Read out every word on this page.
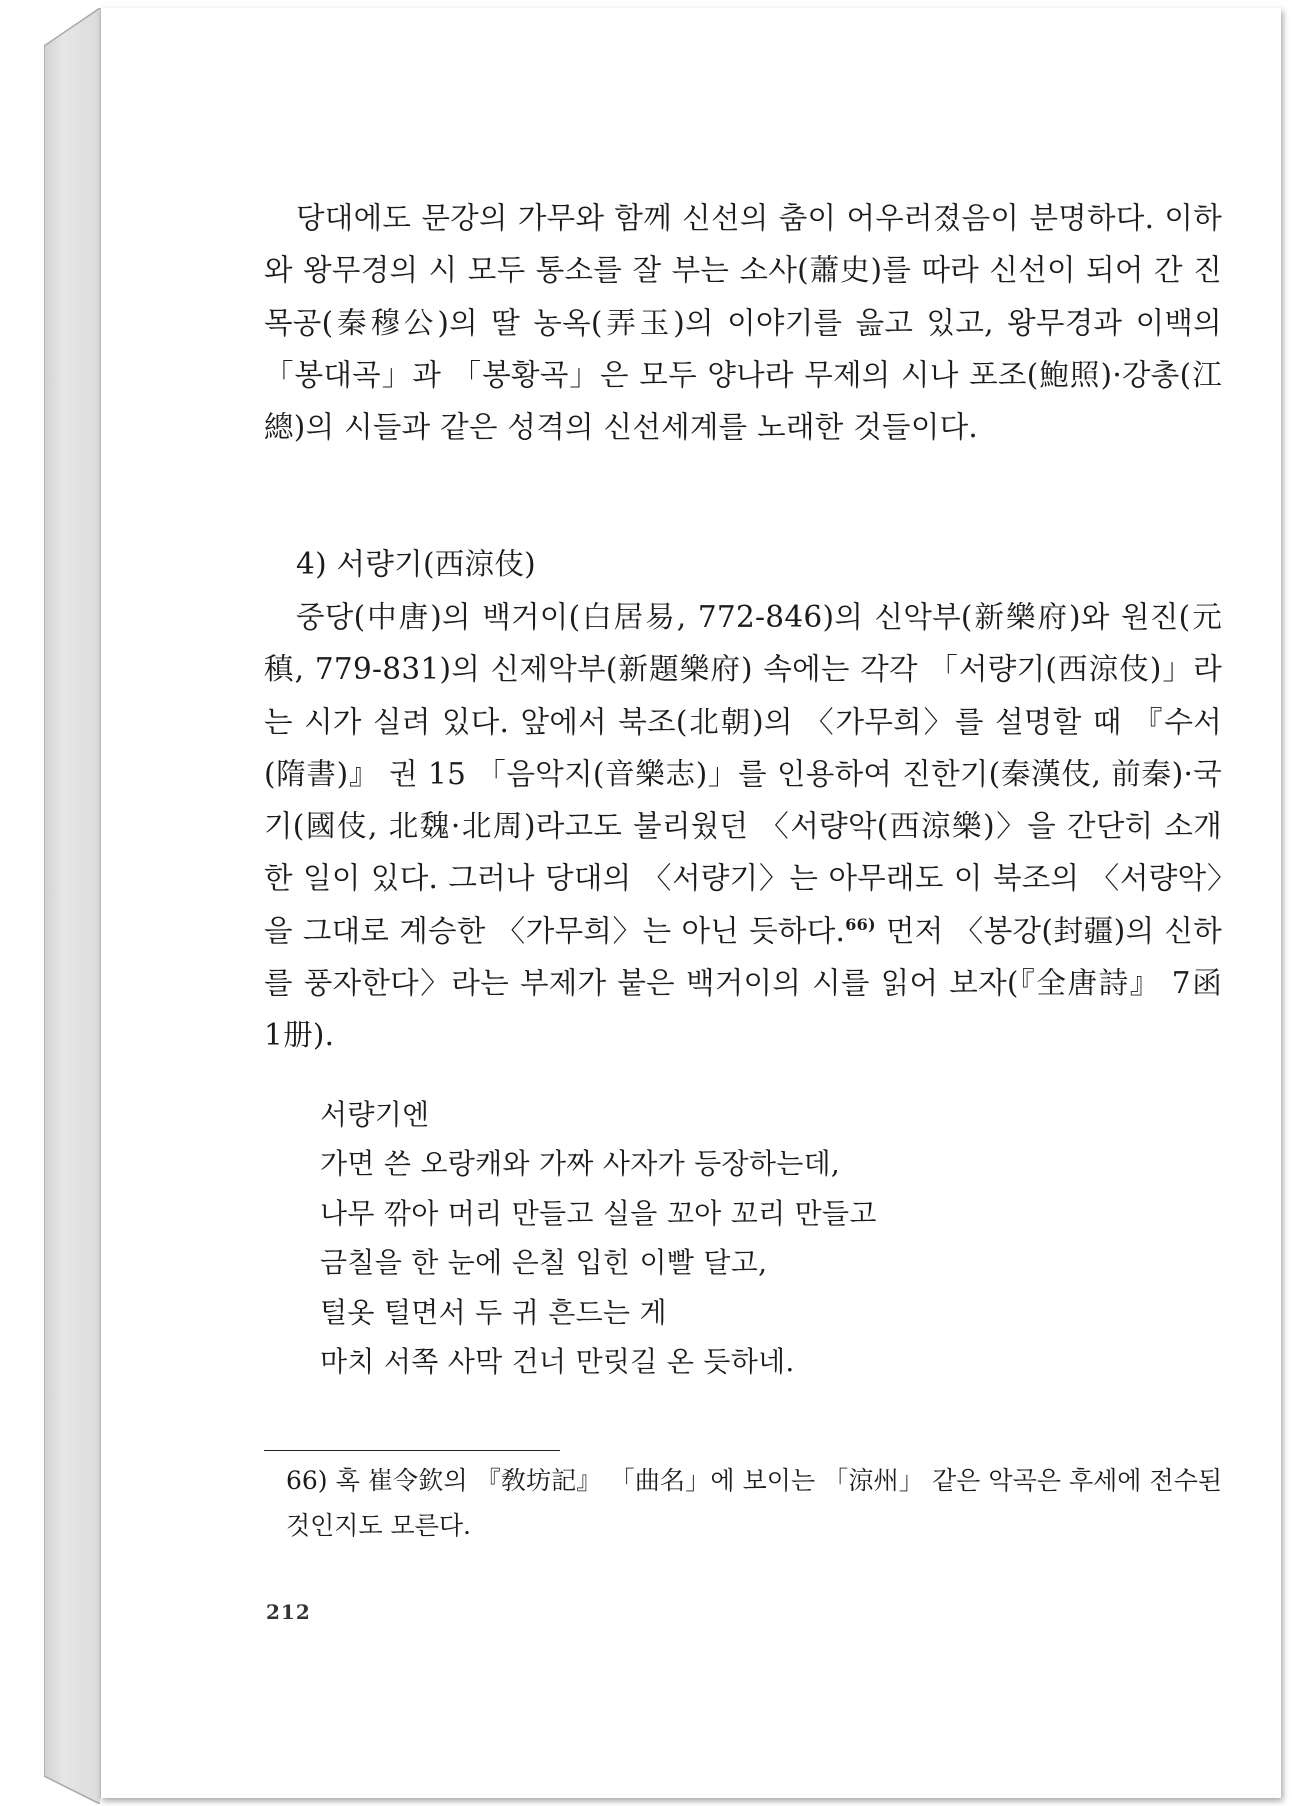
당대에도 문강의 가무와 함께 신선의 춤이 어우러졌음이 분명하다. 이하와 왕무경의 시 모두 통소를 잘 부는 소사(蕭史)를 따라 신선이 되어 간 진목공(秦穆公)의 딸 농옥(弄玉)의 이야기를 읊고 있고, 왕무경과 이백의 「봉대곡」과 「봉황곡」은 모두 양나라 무제의 시나 포조(鮑照)·강총(江總)의 시들과 같은 성격의 신선세계를 노래한 것들이다.

4) 서량기(西涼伎)

중당(中唐)의 백거이(白居易, 772-846)의 신악부(新樂府)와 원진(元稹, 779-831)의 신제악부(新題樂府) 속에는 각각 「서량기(西涼伎)」라는 시가 실려 있다. 앞에서 북조(北朝)의 〈가무희〉를 설명할 때 『수서(隋書)』 권 15 「음악지(音樂志)」를 인용하여 진한기(秦漢伎, 前秦)·국기(國伎, 北魏·北周)라고도 불리웠던 〈서량악(西涼樂)〉을 간단히 소개한 일이 있다. 그러나 당대의 〈서량기〉는 아무래도 이 북조의 〈서량악〉을 그대로 계승한 〈가무희〉는 아닌 듯하다.$^{66)}$ 먼저 〈봉강(封疆)의 신하를 풍자한다〉라는 부제가 붙은 백거이의 시를 읽어 보자(『全唐詩』 7函 1册).

서량기엔
가면 쓴 오랑캐와 가짜 사자가 등장하는데,
나무 깎아 머리 만들고 실을 꼬아 꼬리 만들고
금칠을 한 눈에 은칠 입힌 이빨 달고,
털옷 털면서 두 귀 흔드는 게
마치 서쪽 사막 건너 만릿길 온 듯하네.

66) 혹 崔令欽의 『敎坊記』 「曲名」에 보이는 「涼州」 같은 악곡은 후세에 전수된 것인지도 모른다.

212
